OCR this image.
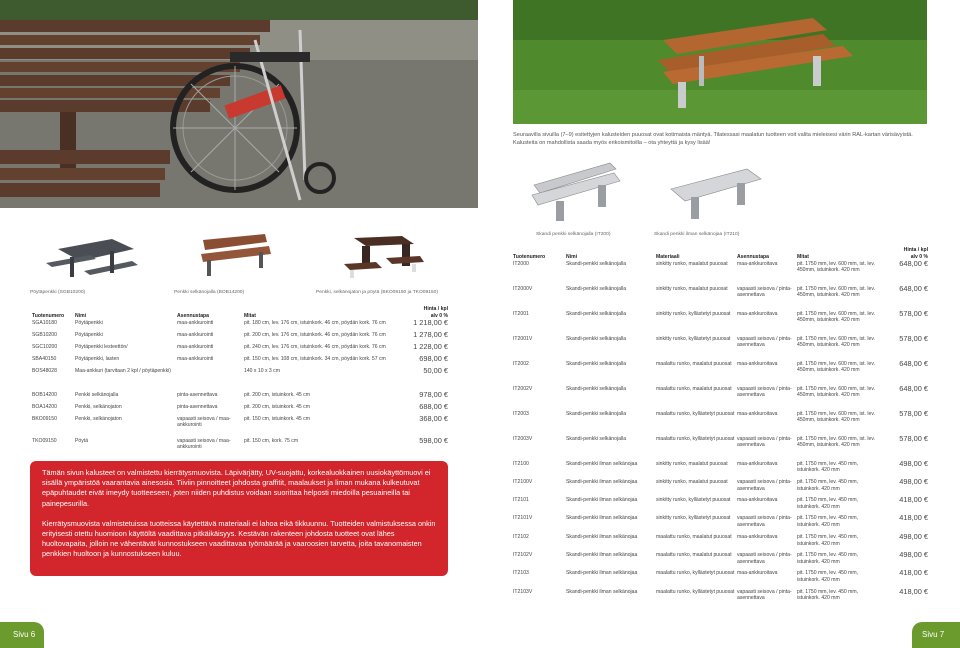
Seuraavilla sivuilla (7–9) esitettyjen kalusteiden puuosat ovat kotimaista mäntyä. Tilatessasi maalatun tuotteen voit valita mieleisesi värin RAL-kartan värisävyistä. Kalusteita on mahdollista saada myös erikoismitoilla – ota yhteyttä ja kysy lisää!

Skandi penkki selkänojalla (IT200)	Skandi penkki ilman selkänojaa (IT210)
Pöytäpenkki (SGB10200)	Penkki selkänojalla (BOB14200)	Penkki, selkänojaton ja pöytä (BKO09150 ja TKO09150)
Tuotenumero	Nimi	Asennustapa	Mitat	Hinta / kpl
alv 0 %
SGA10180	Pöytäpenkki	maa-ankkurointi	pit. 180 cm, lev. 176 cm, istuinkork. 46 cm, pöydän kork. 76 cm	1 218,00 €
SGB10200	Pöytäpenkki	maa-ankkurointi	pit. 200 cm, lev. 176 cm, istuinkork. 46 cm, pöydän kork. 76 cm	1 278,00 €
SGC10200	Pöytäpenkki lesteettön/	maa-ankkurointi	pit. 240 cm, lev. 176 cm, istuinkork. 46 cm, pöydän kork. 76 cm	1 228,00 €
SBA40150	Pöytäpenkki, lasten	maa-ankkurointi	pit. 150 cm, lev. 108 cm, istuinkork. 34 cm, pöydän kork. 57 cm	698,00 €
BOS48028	Maa-ankkuri (tarvitaan 2 kpl / pöytäpenkki)		140 x 10 x 3 cm	50,00 €
BOB14200	Penkki selkänojalla	pinta-asennettava	pit. 200 cm, istuinkork. 45 cm	978,00 €
BOA14200	Penkki, selkänojaton	pinta-asennettava	pit. 200 cm, istuinkork. 45 cm	688,00 €
BKO09150	Penkki, selkänojaton	vapaasti seisova / maa-ankkurointi	pit. 150 cm, istuinkork. 45 cm	368,00 €
TKO09150	Pöytä	vapaasti seisova / maa-ankkurointi	pit. 150 cm, kork. 75 cm	598,00 €

Tämän sivun kalusteet on valmistettu kierrätysmuovista. Läpivärjätty, UV-suojattu, korkealuokkainen uusiokäyttömuovi ei sisällä ympäristöä vaarantavia ainesosia. Tiiviin pinnoitteet johdosta graffitit, maalaukset ja liman mukana kulkeutuvat epäpuhtaudet eivät imeydy tuotteeseen, joten niiden puhdistus voidaan suorittaa helposti miedoilla pesuaineilla tai painepesurilla.

Kierrätysmuovista valmistetuissa tuotteissa käytettävä materiaali ei lahoa eikä tikkuunnu. Tuotteiden valmistuksessa onkin erityisesti otettu huomioon käyttöltä vaadittava pitkäikäisyys. Kestävän rakenteen johdosta tuotteet ovat lähes huoltovapaita, jolloin ne vähentävät kunnostukseen vaadittavaa työmäärää ja vaaroosien tarvetta, joita tavanomaisten penkkien huoltoon ja kunnostukseen kuluu.

Tuotenumero	Nimi	Materiaali	Asennustapa	Mitat	Hinta / kpl
alv 0 %
IT2000	Skandi-penkki selkänojalla	sinkitty runko, maalatut puuosat	maa-ankkuroitava	pit. 1750 mm, lev. 600 mm, ist. lev. 450mm, istuinkork. 420 mm	648,00 €
IT2000V	Skandi-penkki selkänojalla	sinkitty runko, maalatut puuosat	vapaasti seisova / pinta-asennettava	pit. 1750 mm, lev. 600 mm, ist. lev. 450mm, istuinkork. 420 mm	648,00 €
IT2001	Skandi-penkki selkänojalla	sinkitty runko, kyllästetyt puuosat	maa-ankkuroitava	pit. 1750 mm, lev. 600 mm, ist. lev. 450mm, istuinkork. 420 mm	578,00 €
IT2001V	Skandi-penkki selkänojalla	sinkitty runko, kyllästetyt puuosat	vapaasti seisova / pinta-asennettava	pit. 1750 mm, lev. 600 mm, ist. lev. 450mm, istuinkork. 420 mm	578,00 €
IT2002	Skandi-penkki selkänojalla	maalattu runko, maalatut puuosat	maa-ankkuroitava	pit. 1750 mm, lev. 600 mm, ist. lev. 450mm, istuinkork. 420 mm	648,00 €
IT2002V	Skandi-penkki selkänojalla	maalattu runko, maalatut puuosat	vapaasti seisova / pinta-asennettava	pit. 1750 mm, lev. 600 mm, ist. lev. 450mm, istuinkork. 420 mm	648,00 €
IT2003	Skandi-penkki selkänojalla	maalattu runko, kyllästetyt puuosat	maa-ankkuroitava	pit. 1750 mm, lev. 600 mm, ist. lev. 450mm, istuinkork. 420 mm	578,00 €
IT2003V	Skandi-penkki selkänojalla	maalattu runko, kyllästetyt puuosat	vapaasti seisova / pinta-asennettava	pit. 1750 mm, lev. 600 mm, ist. lev. 450mm, istuinkork. 420 mm	578,00 €
IT2100	Skandi-penkki ilman selkänojaa	sinkitty runko, maalatut puuosat	maa-ankkuroitava	pit. 1750 mm, lev. 450 mm, istuinkork. 420 mm	498,00 €
IT2100V	Skandi-penkki ilman selkänojaa	sinkitty runko, maalatut puuosat	vapaasti seisova / pinta-asennettava	pit. 1750 mm, lev. 450 mm, istuinkork. 420 mm	498,00 €
IT2101	Skandi-penkki ilman selkänojaa	sinkitty runko, kyllästetyt puuosat	maa-ankkuroitava	pit. 1750 mm, lev. 450 mm, istuinkork. 420 mm	418,00 €
IT2101V	Skandi-penkki ilman selkänojaa	sinkitty runko, kyllästetyt puuosat	vapaasti seisova / pinta-asennettava	pit. 1750 mm, lev. 450 mm, istuinkork. 420 mm	418,00 €
IT2102	Skandi-penkki ilman selkänojaa	maalattu runko, maalatut puuosat	maa-ankkuroitava	pit. 1750 mm, lev. 450 mm, istuinkork. 420 mm	498,00 €
IT2102V	Skandi-penkki ilman selkänojaa	maalattu runko, maalatut puuosat	vapaasti seisova / pinta-asennettava	pit. 1750 mm, lev. 450 mm, istuinkork. 420 mm	498,00 €
IT2103	Skandi-penkki ilman selkänojaa	maalattu runko, kyllästetyt puuosat	maa-ankkuroitava	pit. 1750 mm, lev. 450 mm, istuinkork. 420 mm	418,00 €
IT2103V	Skandi-penkki ilman selkänojaa	maalattu runko, kyllästetyt puuosat	vapaasti seisova / pinta-asennettava	pit. 1750 mm, lev. 450 mm, istuinkork. 420 mm	418,00 €
Sivu 6	Sivu 7
